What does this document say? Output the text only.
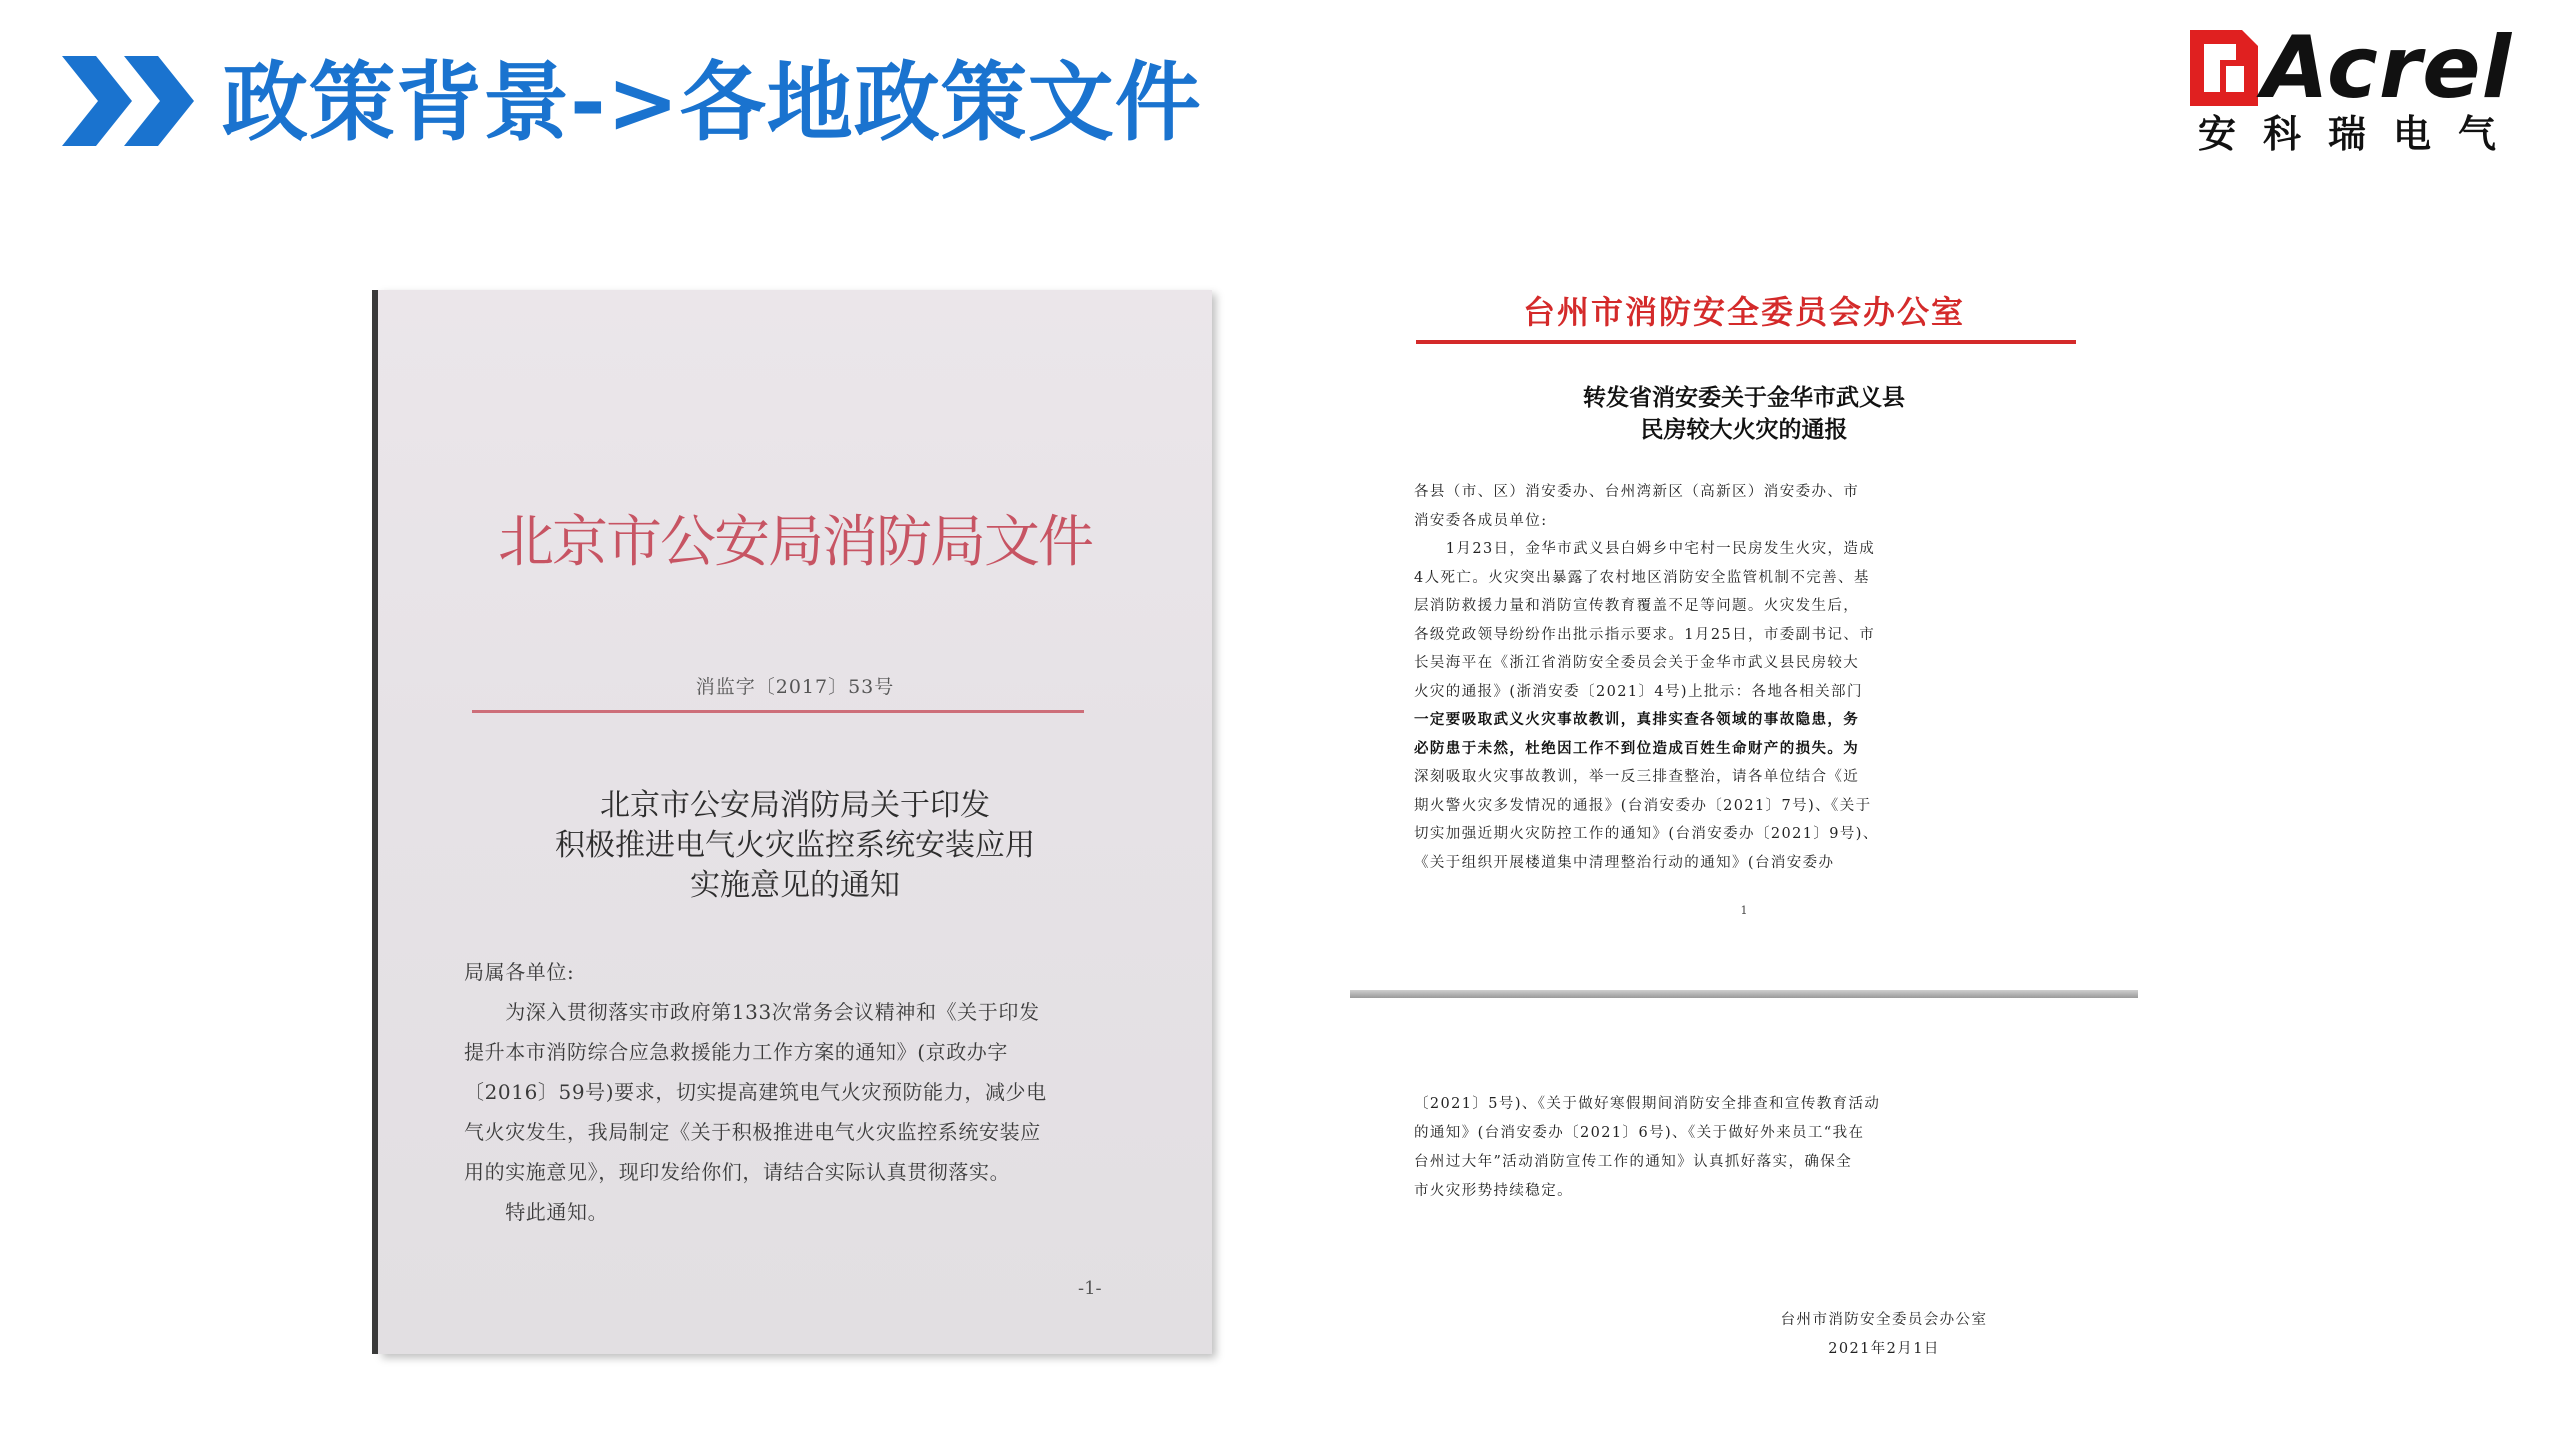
政策背景->各地政策文件	Acrel
安科瑞电气
北京市公安局消防局文件
消监字〔2017〕53号
北京市公安局消防局关于印发
积极推进电气火灾监控系统安装应用
实施意见的通知
局属各单位:
　　为深入贯彻落实市政府第133次常务会议精神和《关于印发
提升本市消防综合应急救援能力工作方案的通知》(京政办字
〔2016〕59号)要求，切实提高建筑电气火灾预防能力，减少电
气火灾发生，我局制定《关于积极推进电气火灾监控系统安装应
用的实施意见》，现印发给你们，请结合实际认真贯彻落实。
　　特此通知。
-1-
台州市消防安全委员会办公室
转发省消安委关于金华市武义县
民房较大火灾的通报
各县（市、区）消安委办、台州湾新区（高新区）消安委办、市
消安委各成员单位:
　　1月23日，金华市武义县白姆乡中宅村一民房发生火灾，造成
4人死亡。火灾突出暴露了农村地区消防安全监管机制不完善、基
层消防救援力量和消防宣传教育覆盖不足等问题。火灾发生后，
各级党政领导纷纷作出批示指示要求。1月25日，市委副书记、市
长吴海平在《浙江省消防安全委员会关于金华市武义县民房较大
火灾的通报》(浙消安委〔2021〕4号)上批示：各地各相关部门
一定要吸取武义火灾事故教训，真排实查各领域的事故隐患，务
必防患于未然，杜绝因工作不到位造成百姓生命财产的损失。为
深刻吸取火灾事故教训，举一反三排查整治，请各单位结合《近
期火警火灾多发情况的通报》(台消安委办〔2021〕7号)、《关于
切实加强近期火灾防控工作的通知》(台消安委办〔2021〕9号)、
《关于组织开展楼道集中清理整治行动的通知》(台消安委办
1
〔2021〕5号)、《关于做好寒假期间消防安全排查和宣传教育活动
的通知》(台消安委办〔2021〕6号)、《关于做好外来员工“我在
台州过大年”活动消防宣传工作的通知》认真抓好落实，确保全
市火灾形势持续稳定。
台州市消防安全委员会办公室
2021年2月1日
